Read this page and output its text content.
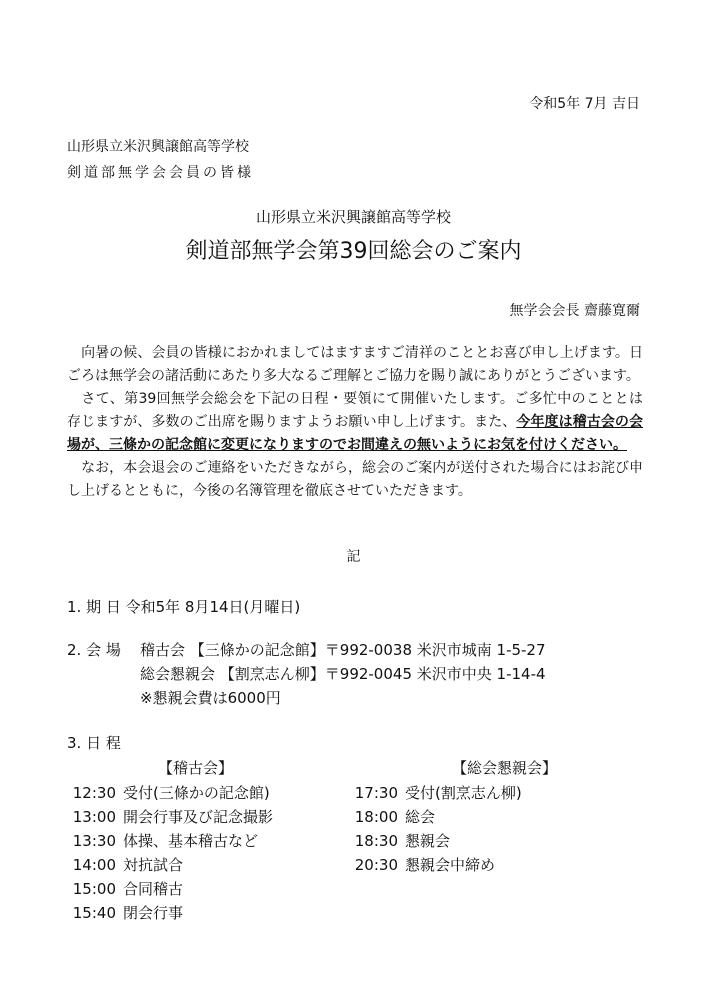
令和5年 7月 吉日
山形県立米沢興譲館高等学校
剣道部無学会会員の皆様
山形県立米沢興譲館高等学校
剣道部無学会第39回総会のご案内
無学会会長 齋藤寛爾

　向暑の候、会員の皆様におかれましてはますますご清祥のこととお喜び申し上げます。日ごろは無学会の諸活動にあたり多大なるご理解とご協力を賜り誠にありがとうございます。

　さて、第39回無学会総会を下記の日程・要領にて開催いたします。ご多忙中のこととは存じますが、多数のご出席を賜りますようお願い申し上げます。また、今年度は稽古会の会場が、三條かの記念館に変更になりますのでお間違えの無いようにお気を付けください。

　なお，本会退会のご連絡をいただきながら，総会のご案内が送付された場合にはお詫び申し上げるとともに，今後の名簿管理を徹底させていただきます。

記
1. 期 日 令和5年 8月14日(月曜日)
2. 会 場 稽古会 【三條かの記念館】〒992-0038 米沢市城南 1-5-27
総会懇親会 【割烹志ん柳】〒992-0045 米沢市中央 1-14-4
※懇親会費は6000円
3. 日 程
【稽古会】	【総会懇親会】
12:30 受付(三條かの記念館)
13:00 開会行事及び記念撮影
13:30 体操、基本稽古など
14:00 対抗試合
15:00 合同稽古
15:40 閉会行事
17:30 受付(割烹志ん柳)
18:00 総会
18:30 懇親会
20:30 懇親会中締め
